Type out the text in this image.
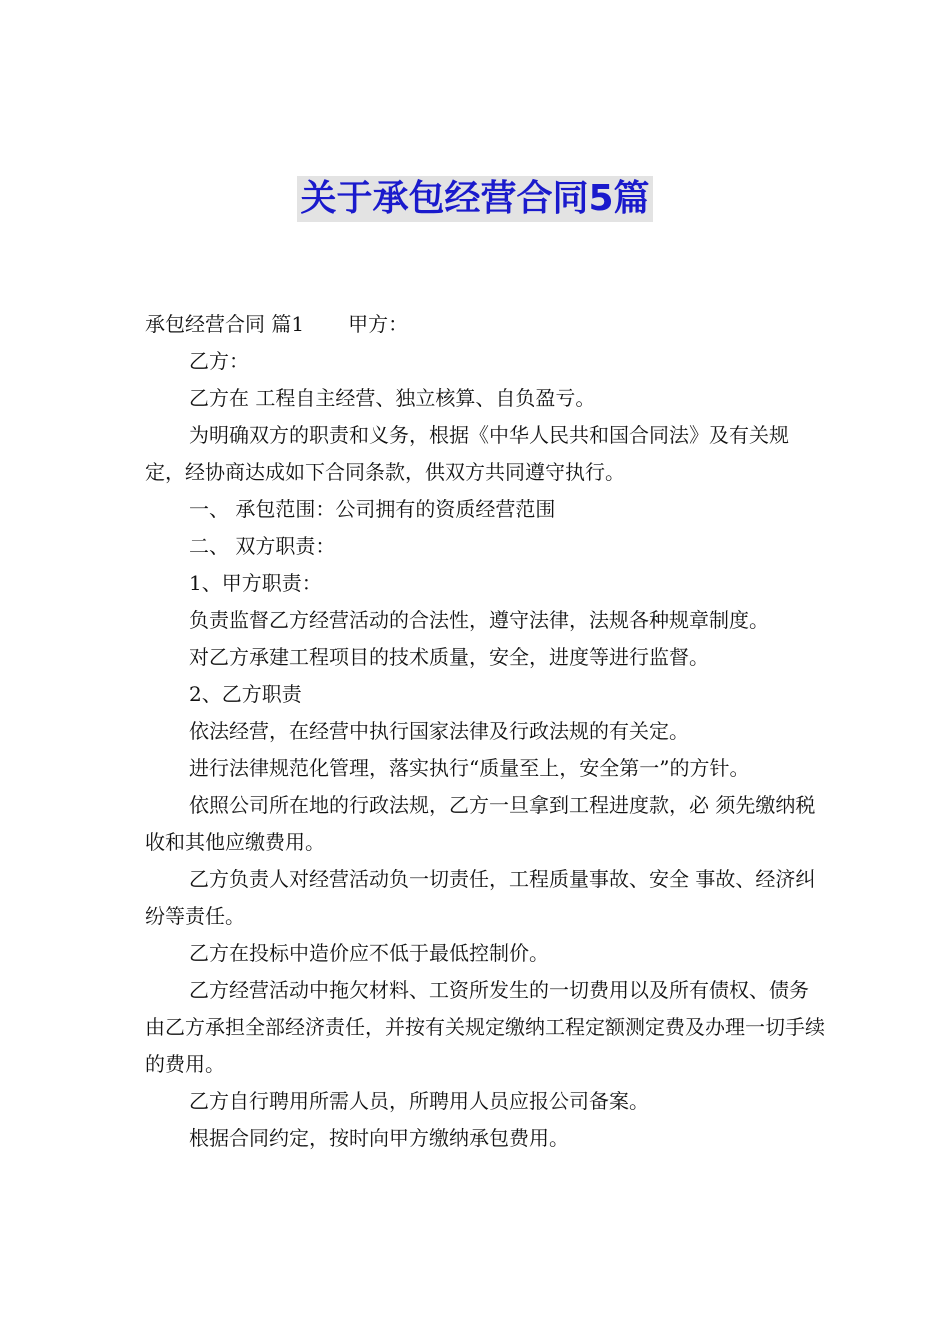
关于承包经营合同5篇

承包经营合同 篇1 甲方：

乙方：

乙方在 工程自主经营、独立核算、自负盈亏。

为明确双方的职责和义务，根据《中华人民共和国合同法》及有关规定，经协商达成如下合同条款，供双方共同遵守执行。

一、 承包范围：公司拥有的资质经营范围

二、 双方职责：

1、甲方职责：

负责监督乙方经营活动的合法性，遵守法律，法规各种规章制度。

对乙方承建工程项目的技术质量，安全，进度等进行监督。

2、乙方职责

依法经营，在经营中执行国家法律及行政法规的有关定。

进行法律规范化管理，落实执行“质量至上，安全第一”的方针。

依照公司所在地的行政法规，乙方一旦拿到工程进度款，必 须先缴纳税收和其他应缴费用。

乙方负责人对经营活动负一切责任，工程质量事故、安全 事故、经济纠纷等责任。

乙方在投标中造价应不低于最低控制价。

乙方经营活动中拖欠材料、工资所发生的一切费用以及所有债权、债务由乙方承担全部经济责任，并按有关规定缴纳工程定额测定费及办理一切手续的费用。

乙方自行聘用所需人员，所聘用人员应报公司备案。

根据合同约定，按时向甲方缴纳承包费用。
